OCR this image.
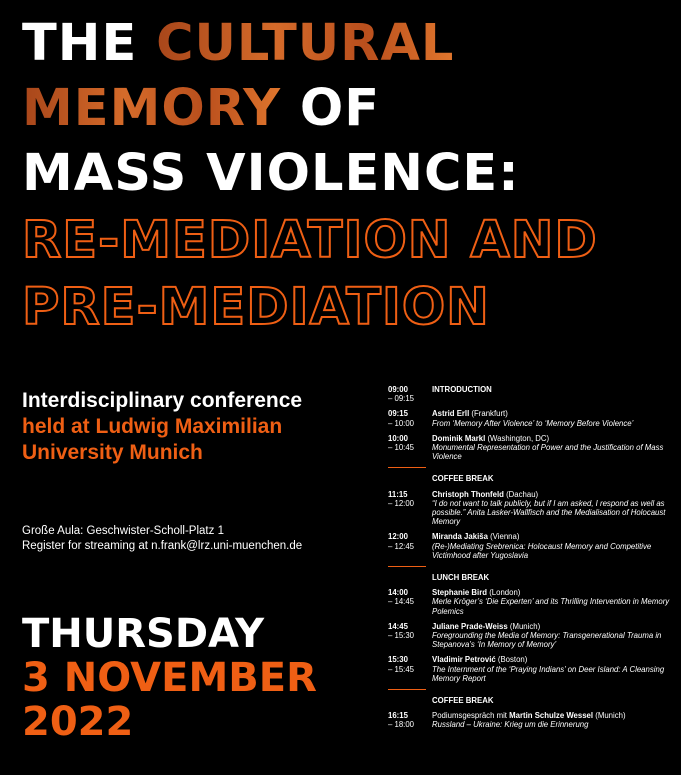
THE CULTURAL
MEMORY OF
MASS VIOLENCE:
RE-MEDIATION AND
PRE-MEDIATION
Interdisciplinary conference held at Ludwig Maximilian University Munich
Große Aula: Geschwister-Scholl-Platz 1
Register for streaming at n.frank@lrz.uni-muenchen.de
THURSDAY
3 NOVEMBER
2022
09:00
– 09:15
INTRODUCTION
09:15
– 10:00
Astrid Erll (Frankfurt)
From ‘Memory After Violence’ to ‘Memory Before Violence’
10:00
– 10:45
Dominik Markl (Washington, DC)
Monumental Representation of Power and the Justification of Mass Violence
COFFEE BREAK
11:15
– 12:00
Christoph Thonfeld (Dachau)
“I do not want to talk publicly, but if I am asked, I respond as well as possible.” Anita Lasker-Wallfisch and the Medialisation of Holocaust Memory
12:00
– 12:45
Miranda Jakiša (Vienna)
(Re-)Mediating Srebrenica: Holocaust Memory and Competitive Victimhood after Yugoslavia
LUNCH BREAK
14:00
– 14:45
Stephanie Bird (London)
Merle Kröger’s ‘Die Experten’ and its Thrilling Intervention in Memory Polemics
14:45
– 15:30
Juliane Prade-Weiss (Munich)
Foregrounding the Media of Memory: Transgenerational Trauma in Stepanova’s ‘In Memory of Memory’
15:30
– 15:45
Vladimir Petrović (Boston)
The Internment of the ‘Praying Indians’ on Deer Island: A Cleansing Memory Report
COFFEE BREAK
16:15
– 18:00
Podiumsgespräch mit Martin Schulze Wessel (Munich)
Russland – Ukraine: Krieg um die Erinnerung
